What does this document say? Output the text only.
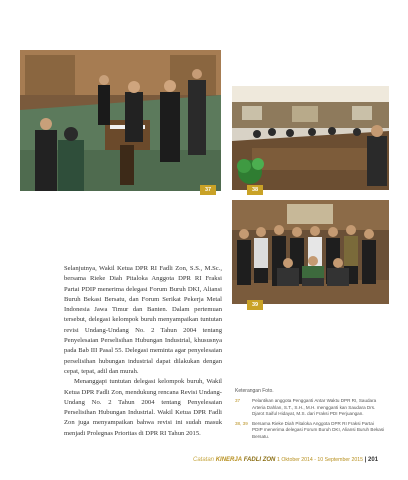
37	38
39

Selanjutnya, Wakil Ketua DPR RI Fadli Zon, S.S., M.Sc., bersama Rieke Diah Pitaloka Anggota DPR RI Fraksi Partai PDIP menerima delegasi Forum Buruh DKI, Aliansi Buruh Bekasi Bersatu, dan Forum Serikat Pekerja Metal Indonesia Jawa Timur dan Banten. Dalam pertemuan tersebut, delegasi kelompok buruh menyampaikan tuntutan revisi Undang-Undang No. 2 Tahun 2004 tentang Penyelesaian Perselisihan Hubungan Industrial, khususnya pada Bab III Pasal 55. Delegasi meminta agar penyelesaian perselisihan hubungan industrial dapat dilakukan dengan cepat, tepat, adil dan murah.

Menanggapi tuntutan delegasi kelompok buruh, Wakil Ketua DPR Fadli Zon, mendukung rencana Revisi Undang-Undang No. 2 Tahun 2004 tentang Penyelesaian Perselisihan Hubungan Industrial. Wakil Ketua DPR Fadli Zon juga menyampaikan bahwa revisi ini sudah masuk menjadi Prolegnas Prioritas di DPR RI Tahun 2015.

Keterangan Foto.
37	Pelantikan anggota Pengganti Antar Waktu DPR RI, Saudara Arteria Dahlan, S.T., S.H., M.H. mengganti kan Saudara Drs. Djarot Saiful Hidayat, M.S. dari Fraksi PDI Perjuangan.
38, 39 Bersama Rieke Diah Pitaloka Anggota DPR RI Fraksi Partai PDIP menerima delegasi Forum Buruh DKI, Aliansi Buruh Bekasi Bersatu.
Catatan KINERJA FADLI ZON 1 Oktober 2014 - 10 September 2015 | 201
